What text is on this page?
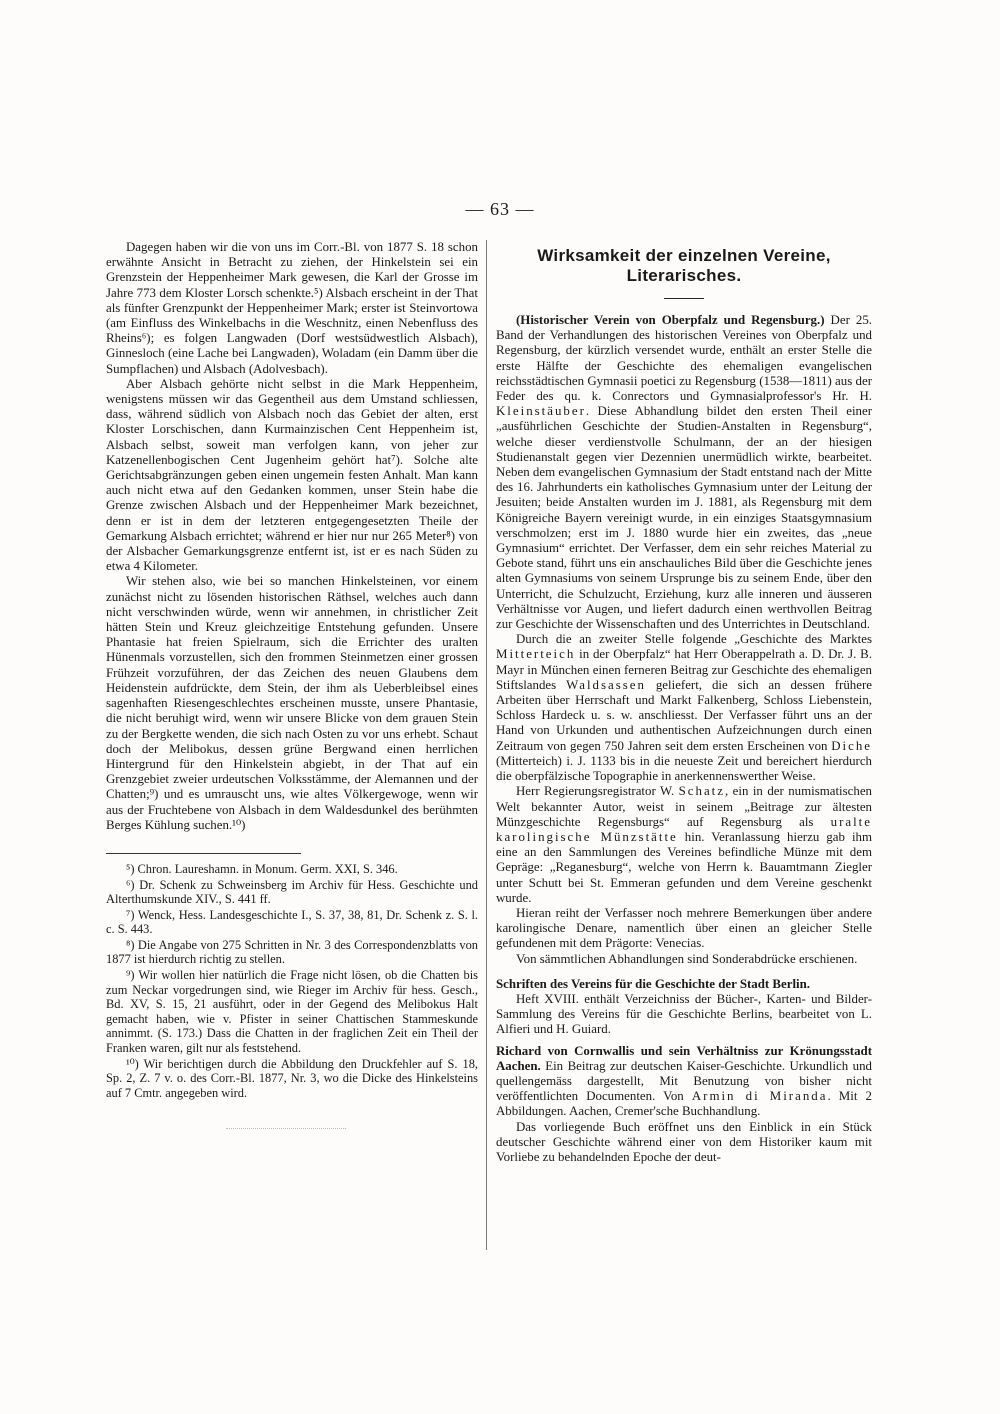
— 63 —

Dagegen haben wir die von uns im Corr.-Bl. von 1877 S. 18 schon erwähnte Ansicht in Betracht zu ziehen, der Hinkelstein sei ein Grenzstein der Heppenheimer Mark gewesen, die Karl der Grosse im Jahre 773 dem Kloster Lorsch schenkte.⁵) Alsbach erscheint in der That als fünfter Grenzpunkt der Heppenheimer Mark; erster ist Steinvortowa (am Einfluss des Winkelbachs in die Weschnitz, einen Nebenfluss des Rheins⁶); es folgen Langwaden (Dorf westsüdwestlich Alsbach), Ginnesloch (eine Lache bei Langwaden), Woladam (ein Damm über die Sumpflachen) und Alsbach (Adolvesbach).

Aber Alsbach gehörte nicht selbst in die Mark Heppenheim, wenigstens müssen wir das Gegentheil aus dem Umstand schliessen, dass, während südlich von Alsbach noch das Gebiet der alten, erst Kloster Lorschischen, dann Kurmainzischen Cent Heppenheim ist, Alsbach selbst, soweit man verfolgen kann, von jeher zur Katzenellenbogischen Cent Jugenheim gehört hat⁷). Solche alte Gerichtsabgränzungen geben einen ungemein festen Anhalt. Man kann auch nicht etwa auf den Gedanken kommen, unser Stein habe die Grenze zwischen Alsbach und der Heppenheimer Mark bezeichnet, denn er ist in dem der letzteren entgegengesetzten Theile der Gemarkung Alsbach errichtet; während er hier nur nur 265 Meter⁸) von der Alsbacher Gemarkungsgrenze entfernt ist, ist er es nach Süden zu etwa 4 Kilometer.

Wir stehen also, wie bei so manchen Hinkelsteinen, vor einem zunächst nicht zu lösenden historischen Räthsel, welches auch dann nicht verschwinden würde, wenn wir annehmen, in christlicher Zeit hätten Stein und Kreuz gleichzeitige Entstehung gefunden. Unsere Phantasie hat freien Spielraum, sich die Errichter des uralten Hünenmals vorzustellen, sich den frommen Steinmetzen einer grossen Frühzeit vorzuführen, der das Zeichen des neuen Glaubens dem Heidenstein aufdrückte, dem Stein, der ihm als Ueberbleibsel eines sagenhaften Riesengeschlechtes erscheinen musste, unsere Phantasie, die nicht beruhigt wird, wenn wir unsere Blicke von dem grauen Stein zu der Bergkette wenden, die sich nach Osten zu vor uns erhebt. Schaut doch der Melibokus, dessen grüne Bergwand einen herrlichen Hintergrund für den Hinkelstein abgiebt, in der That auf ein Grenzgebiet zweier urdeutschen Volksstämme, der Alemannen und der Chatten;⁹) und es umrauscht uns, wie altes Völkergewoge, wenn wir aus der Fruchtebene von Alsbach in dem Waldesdunkel des berühmten Berges Kühlung suchen.¹⁰)

⁵) Chron. Laureshamn. in Monum. Germ. XXI, S. 346.

⁶) Dr. Schenk zu Schweinsberg im Archiv für Hess. Geschichte und Alterthumskunde XIV., S. 441 ff.

⁷) Wenck, Hess. Landesgeschichte I., S. 37, 38, 81, Dr. Schenk z. S. l. c. S. 443.

⁸) Die Angabe von 275 Schritten in Nr. 3 des Correspondenzblatts von 1877 ist hierdurch richtig zu stellen.

⁹) Wir wollen hier natürlich die Frage nicht lösen, ob die Chatten bis zum Neckar vorgedrungen sind, wie Rieger im Archiv für hess. Gesch., Bd. XV, S. 15, 21 ausführt, oder in der Gegend des Melibokus Halt gemacht haben, wie v. Pfister in seiner Chattischen Stammeskunde annimmt. (S. 173.) Dass die Chatten in der fraglichen Zeit ein Theil der Franken waren, gilt nur als feststehend.

¹⁰) Wir berichtigen durch die Abbildung den Druckfehler auf S. 18, Sp. 2, Z. 7 v. o. des Corr.-Bl. 1877, Nr. 3, wo die Dicke des Hinkelsteins auf 7 Cmtr. angegeben wird.

Wirksamkeit der einzelnen Vereine, Literarisches.

(Historischer Verein von Oberpfalz und Regensburg.) Der 25. Band der Verhandlungen des historischen Vereines von Oberpfalz und Regensburg, der kürzlich versendet wurde, enthält an erster Stelle die erste Hälfte der Geschichte des ehemaligen evangelischen reichsstädtischen Gymnasii poetici zu Regensburg (1538—1811) aus der Feder des qu. k. Conrectors und Gymnasialprofessor's Hr. H. Kleinstäuber. Diese Abhandlung bildet den ersten Theil einer „ausführlichen Geschichte der Studien-Anstalten in Regensburg“, welche dieser verdienstvolle Schulmann, der an der hiesigen Studienanstalt gegen vier Dezennien unermüdlich wirkte, bearbeitet. Neben dem evangelischen Gymnasium der Stadt entstand nach der Mitte des 16. Jahrhunderts ein katholisches Gymnasium unter der Leitung der Jesuiten; beide Anstalten wurden im J. 1881, als Regensburg mit dem Königreiche Bayern vereinigt wurde, in ein einziges Staatsgymnasium verschmolzen; erst im J. 1880 wurde hier ein zweites, das „neue Gymnasium“ errichtet. Der Verfasser, dem ein sehr reiches Material zu Gebote stand, führt uns ein anschauliches Bild über die Geschichte jenes alten Gymnasiums von seinem Ursprunge bis zu seinem Ende, über den Unterricht, die Schulzucht, Erziehung, kurz alle inneren und äusseren Verhältnisse vor Augen, und liefert dadurch einen werthvollen Beitrag zur Geschichte der Wissenschaften und des Unterrichtes in Deutschland.

Durch die an zweiter Stelle folgende „Geschichte des Marktes Mitterteich in der Oberpfalz“ hat Herr Oberappelrath a. D. Dr. J. B. Mayr in München einen ferneren Beitrag zur Geschichte des ehemaligen Stiftslandes Waldsassen geliefert, die sich an dessen frühere Arbeiten über Herrschaft und Markt Falkenberg, Schloss Liebenstein, Schloss Hardeck u. s. w. anschliesst. Der Verfasser führt uns an der Hand von Urkunden und authentischen Aufzeichnungen durch einen Zeitraum von gegen 750 Jahren seit dem ersten Erscheinen von Diche (Mitterteich) i. J. 1133 bis in die neueste Zeit und bereichert hierdurch die oberpfälzische Topographie in anerkennenswerther Weise.

Herr Regierungsregistrator W. Schatz, ein in der numismatischen Welt bekannter Autor, weist in seinem „Beitrage zur ältesten Münzgeschichte Regensburgs“ auf Regensburg als uralte karolingische Münzstätte hin. Veranlassung hierzu gab ihm eine an den Sammlungen des Vereines befindliche Münze mit dem Gepräge: „Reganesburg“, welche von Herrn k. Bauamtmann Ziegler unter Schutt bei St. Emmeran gefunden und dem Vereine geschenkt wurde.

Hieran reiht der Verfasser noch mehrere Bemerkungen über andere karolingische Denare, namentlich über einen an gleicher Stelle gefundenen mit dem Prägorte: Venecias.

Von sämmtlichen Abhandlungen sind Sonderabdrücke erschienen.

Schriften des Vereins für die Geschichte der Stadt Berlin.

Heft XVIII. enthält Verzeichniss der Bücher-, Karten- und Bilder-Sammlung des Vereins für die Geschichte Berlins, bearbeitet von L. Alfieri und H. Guiard.

Richard von Cornwallis und sein Verhältniss zur Krönungsstadt Aachen. Ein Beitrag zur deutschen Kaiser-Geschichte. Urkundlich und quellengemäss dargestellt, Mit Benutzung von bisher nicht veröffentlichten Documenten. Von Armin di Miranda. Mit 2 Abbildungen. Aachen, Cremer'sche Buchhandlung.

Das vorliegende Buch eröffnet uns den Einblick in ein Stück deutscher Geschichte während einer von dem Historiker kaum mit Vorliebe zu behandelnden Epoche der deut-
